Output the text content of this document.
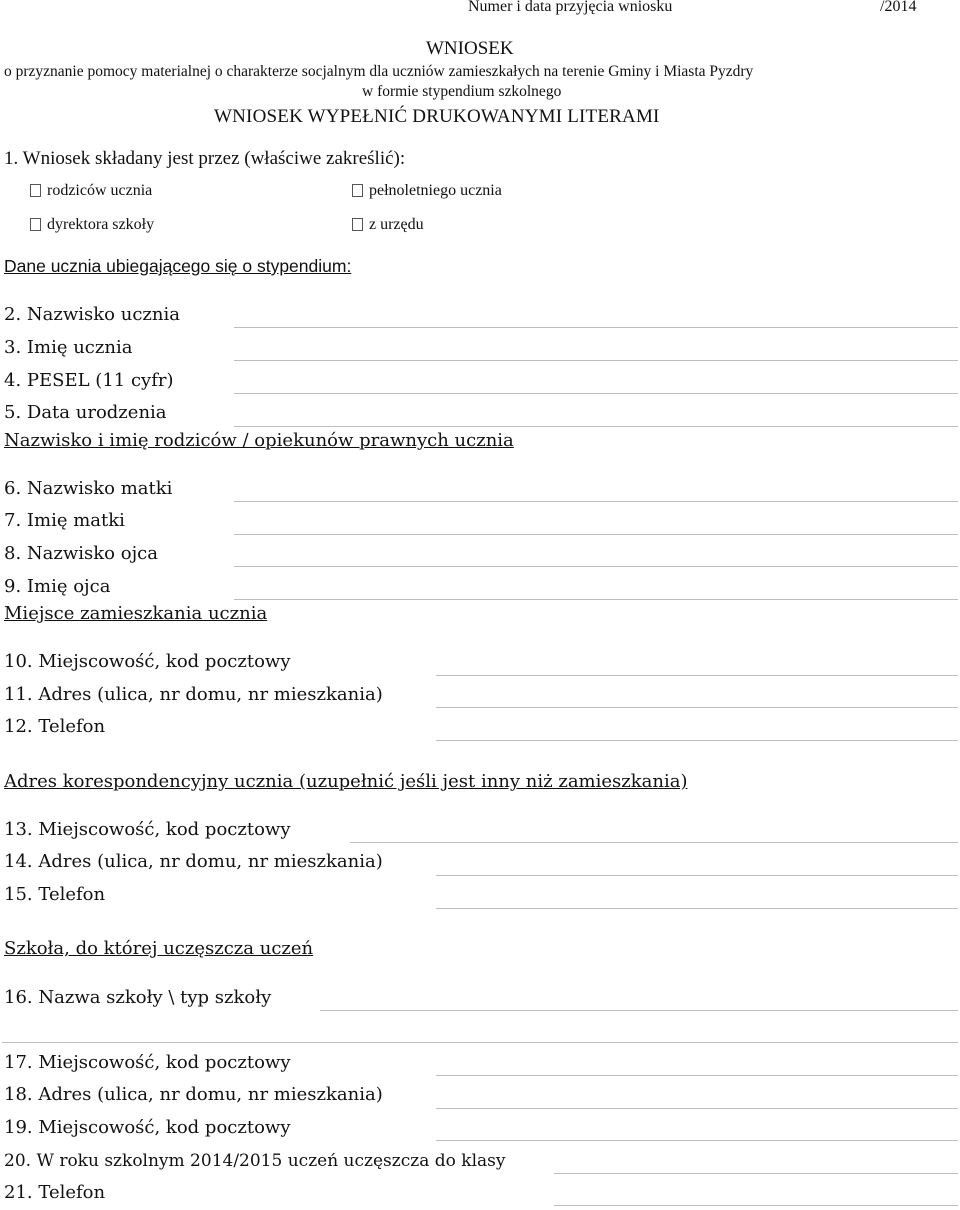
Numer i data przyjęcia wniosku	/2014
WNIOSEK
o przyznanie pomocy materialnej o charakterze socjalnym dla uczniów zamieszkałych na terenie Gminy i Miasta Pyzdry
w formie stypendium szkolnego
WNIOSEK WYPEŁNIĆ DRUKOWANYMI LITERAMI
1. Wniosek składany jest przez (właściwe zakreślić):
rodziców ucznia	pełnoletniego ucznia
dyrektora szkoły	z urzędu
Dane ucznia ubiegającego się o stypendium:
2. Nazwisko ucznia
3. Imię ucznia
4. PESEL (11 cyfr)
5. Data urodzenia
Nazwisko i imię rodziców / opiekunów prawnych ucznia
6. Nazwisko matki
7. Imię matki
8. Nazwisko ojca
9. Imię ojca
Miejsce zamieszkania ucznia
10. Miejscowość, kod pocztowy
11. Adres (ulica, nr domu, nr mieszkania)
12. Telefon
Adres korespondencyjny ucznia (uzupełnić jeśli jest inny niż zamieszkania)
13. Miejscowość, kod pocztowy
14. Adres (ulica, nr domu, nr mieszkania)
15. Telefon
Szkoła, do której uczęszcza uczeń
16. Nazwa szkoły \ typ szkoły
17. Miejscowość, kod pocztowy
18. Adres (ulica, nr domu, nr mieszkania)
19. Miejscowość, kod pocztowy
20. W roku szkolnym 2014/2015 uczeń uczęszcza do klasy
21. Telefon
